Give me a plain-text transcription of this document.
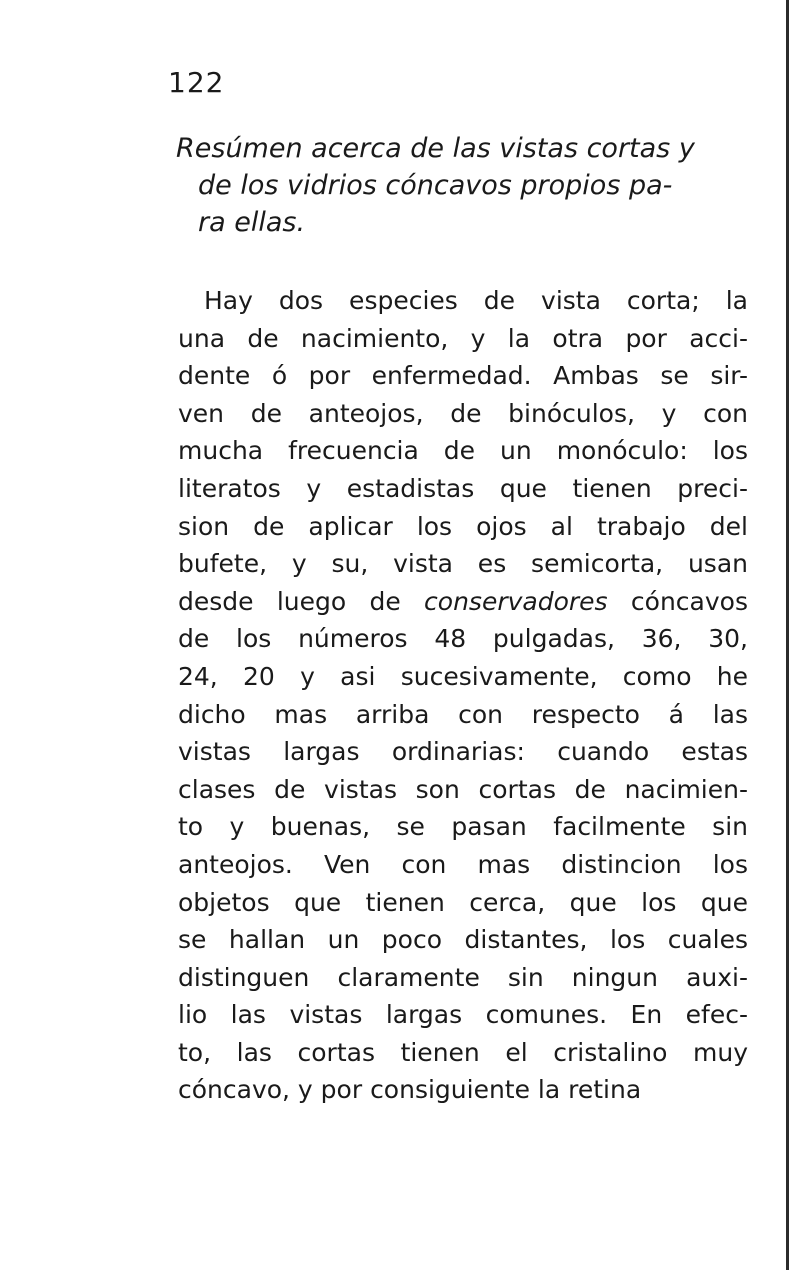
122
Resúmen acerca de las vistas cortas y
de los vidrios cóncavos propios pa-
ra ellas.
Hay dos especies de vista corta; la
una de nacimiento, y la otra por acci-
dente ó por enfermedad. Ambas se sir-
ven de anteojos, de binóculos, y con
mucha frecuencia de un monóculo: los
literatos y estadistas que tienen preci-
sion de aplicar los ojos al trabajo del
bufete, y su, vista es semicorta, usan
desde luego de conservadores cóncavos
de los números 48 pulgadas, 36, 30,
24, 20 y asi sucesivamente, como he
dicho mas arriba con respecto á las
vistas largas ordinarias: cuando estas
clases de vistas son cortas de nacimien-
to y buenas, se pasan facilmente sin
anteojos. Ven con mas distincion los
objetos que tienen cerca, que los que
se hallan un poco distantes, los cuales
distinguen claramente sin ningun auxi-
lio las vistas largas comunes. En efec-
to, las cortas tienen el cristalino muy
cóncavo, y por consiguiente la retina
